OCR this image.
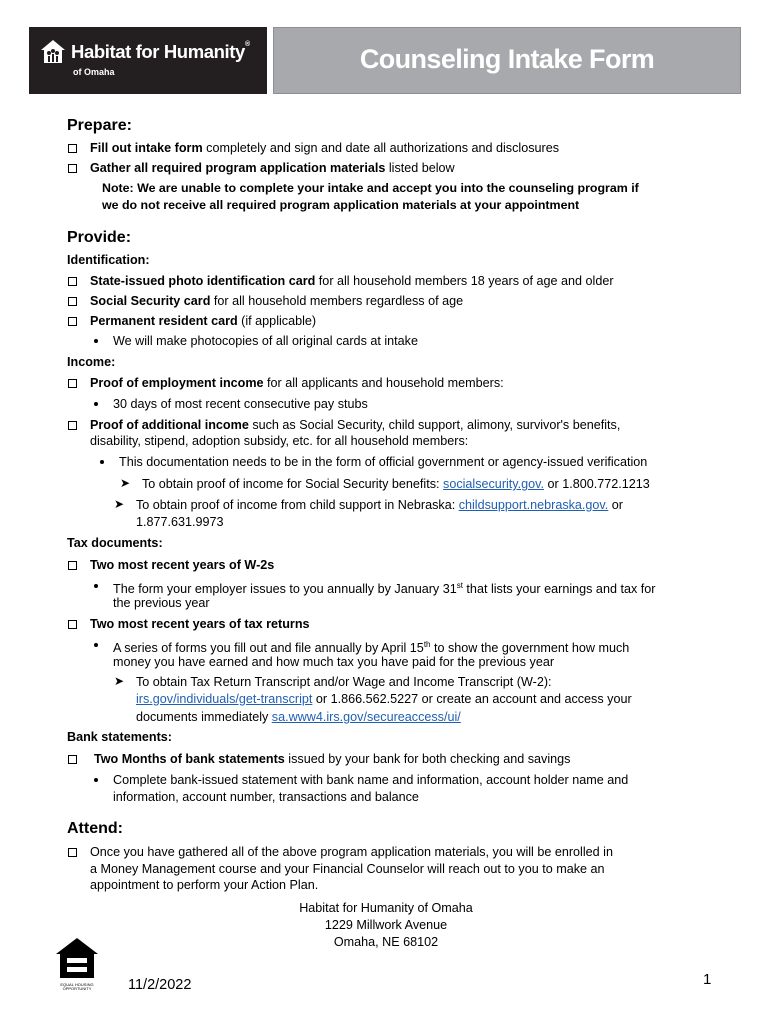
Habitat for Humanity®
of Omaha	Counseling Intake Form
Prepare:
Fill out intake form completely and sign and date all authorizations and disclosures
Gather all required program application materials listed below
Note: We are unable to complete your intake and accept you into the counseling program if
we do not receive all required program application materials at your appointment
Provide:
Identification:
State-issued photo identification card for all household members 18 years of age and older
Social Security card for all household members regardless of age
Permanent resident card (if applicable)
We will make photocopies of all original cards at intake
Income:
Proof of employment income for all applicants and household members:
30 days of most recent consecutive pay stubs
Proof of additional income such as Social Security, child support, alimony, survivor's benefits,
disability, stipend, adoption subsidy, etc. for all household members:
This documentation needs to be in the form of official government or agency-issued verification
➤ To obtain proof of income for Social Security benefits: socialsecurity.gov. or 1.800.772.1213
➤ To obtain proof of income from child support in Nebraska: childsupport.nebraska.gov. or
1.877.631.9973
Tax documents:
Two most recent years of W-2s
The form your employer issues to you annually by January 31st that lists your earnings and tax for
the previous year
Two most recent years of tax returns
A series of forms you fill out and file annually by April 15th to show the government how much
money you have earned and how much tax you have paid for the previous year
➤ To obtain Tax Return Transcript and/or Wage and Income Transcript (W-2):
irs.gov/individuals/get-transcript or 1.866.562.5227 or create an account and access your
documents immediately sa.www4.irs.gov/secureaccess/ui/
Bank statements:
Two Months of bank statements issued by your bank for both checking and savings
Complete bank-issued statement with bank name and information, account holder name and
information, account number, transactions and balance
Attend:
Once you have gathered all of the above program application materials, you will be enrolled in
a Money Management course and your Financial Counselor will reach out to you to make an
appointment to perform your Action Plan.
Habitat for Humanity of Omaha
1229 Millwork Avenue
Omaha, NE 68102
EQUAL HOUSING OPPORTUNITY	11/2/2022	1
